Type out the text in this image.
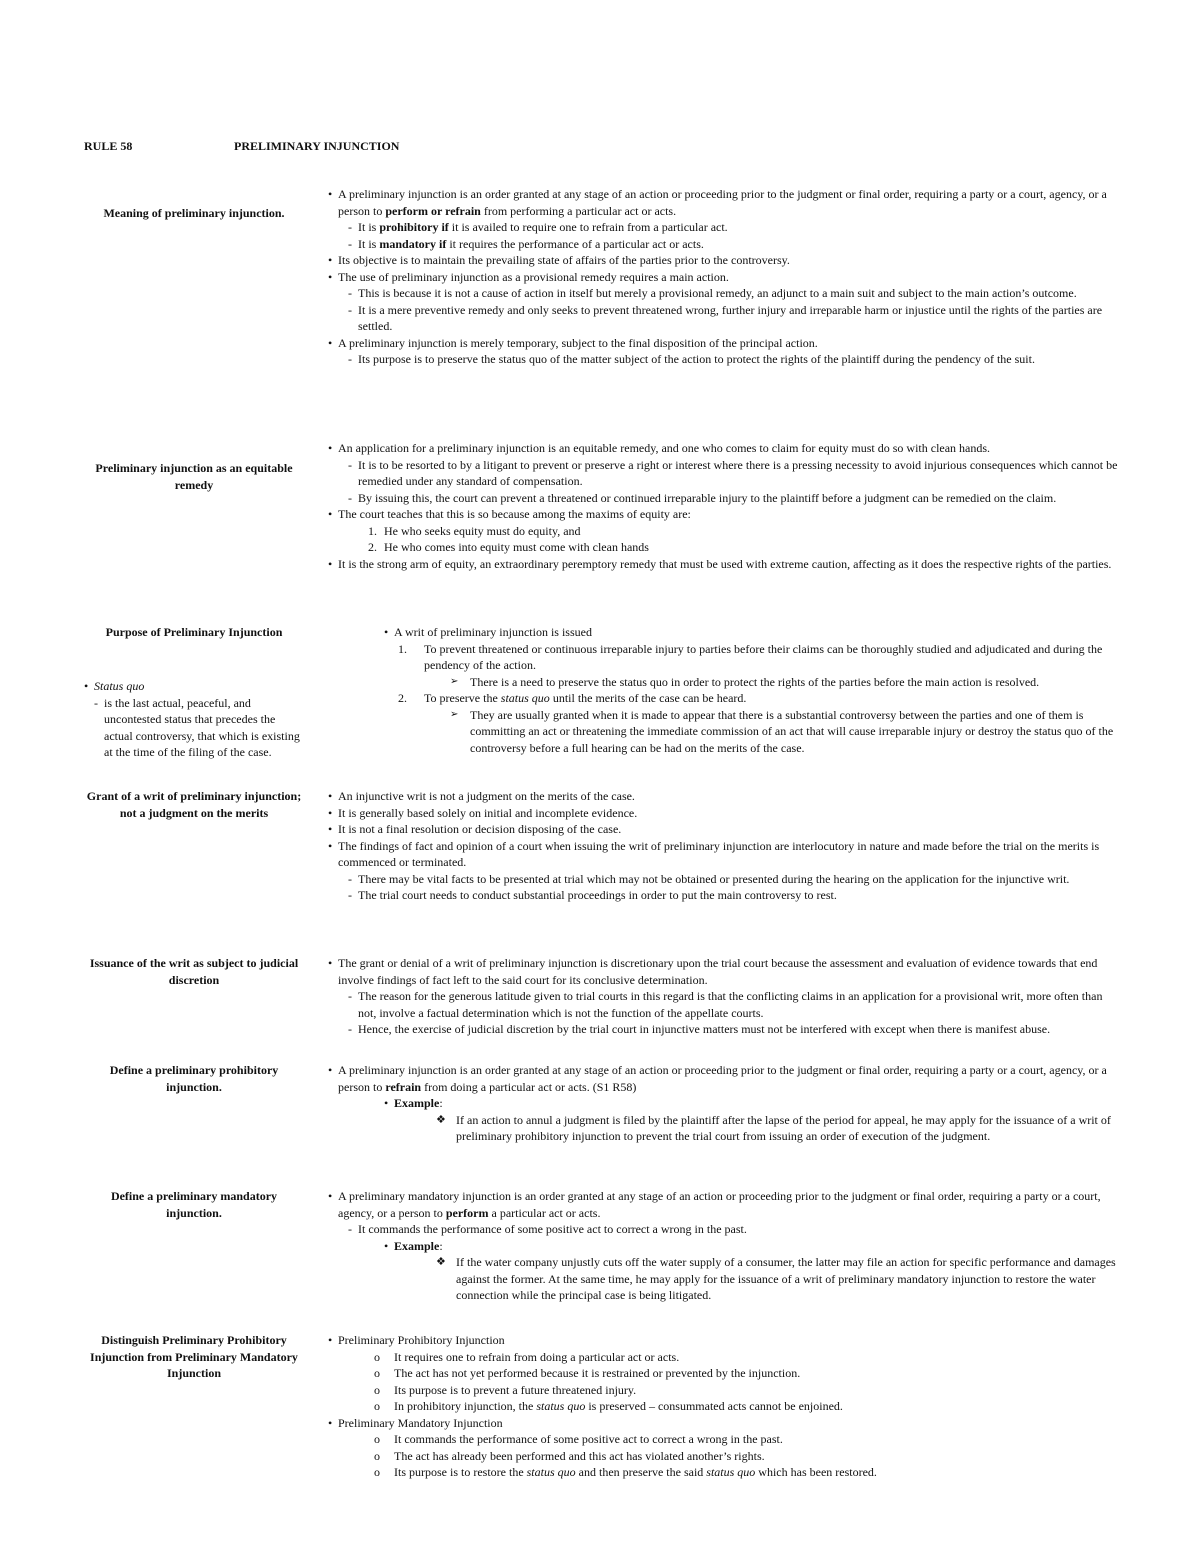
RULE 58	PRELIMINARY INJUNCTION
Meaning of preliminary injunction.
• A preliminary injunction is an order granted at any stage of an action or proceeding prior to the judgment or final order, requiring a party or a court, agency, or a person to perform or refrain from performing a particular act or acts.
- It is prohibitory if it is availed to require one to refrain from a particular act.
- It is mandatory if it requires the performance of a particular act or acts.
• Its objective is to maintain the prevailing state of affairs of the parties prior to the controversy.
• The use of preliminary injunction as a provisional remedy requires a main action.
- This is because it is not a cause of action in itself but merely a provisional remedy, an adjunct to a main suit and subject to the main action’s outcome.
- It is a mere preventive remedy and only seeks to prevent threatened wrong, further injury and irreparable harm or injustice until the rights of the parties are settled.
• A preliminary injunction is merely temporary, subject to the final disposition of the principal action.
- Its purpose is to preserve the status quo of the matter subject of the action to protect the rights of the plaintiff during the pendency of the suit.
Preliminary injunction as an equitable remedy
• An application for a preliminary injunction is an equitable remedy, and one who comes to claim for equity must do so with clean hands.
- It is to be resorted to by a litigant to prevent or preserve a right or interest where there is a pressing necessity to avoid injurious consequences which cannot be remedied under any standard of compensation.
- By issuing this, the court can prevent a threatened or continued irreparable injury to the plaintiff before a judgment can be remedied on the claim.
• The court teaches that this is so because among the maxims of equity are:
1. He who seeks equity must do equity, and
2. He who comes into equity must come with clean hands
• It is the strong arm of equity, an extraordinary peremptory remedy that must be used with extreme caution, affecting as it does the respective rights of the parties.
Purpose of Preliminary Injunction
• Status quo
- is the last actual, peaceful, and uncontested status that precedes the actual controversy, that which is existing at the time of the filing of the case.
• A writ of preliminary injunction is issued
1. To prevent threatened or continuous irreparable injury to parties before their claims can be thoroughly studied and adjudicated and during the pendency of the action.
➢ There is a need to preserve the status quo in order to protect the rights of the parties before the main action is resolved.
2. To preserve the status quo until the merits of the case can be heard.
➢ They are usually granted when it is made to appear that there is a substantial controversy between the parties and one of them is committing an act or threatening the immediate commission of an act that will cause irreparable injury or destroy the status quo of the controversy before a full hearing can be had on the merits of the case.
Grant of a writ of preliminary injunction; not a judgment on the merits
• An injunctive writ is not a judgment on the merits of the case.
• It is generally based solely on initial and incomplete evidence.
• It is not a final resolution or decision disposing of the case.
• The findings of fact and opinion of a court when issuing the writ of preliminary injunction are interlocutory in nature and made before the trial on the merits is commenced or terminated.
- There may be vital facts to be presented at trial which may not be obtained or presented during the hearing on the application for the injunctive writ.
- The trial court needs to conduct substantial proceedings in order to put the main controversy to rest.
Issuance of the writ as subject to judicial discretion
• The grant or denial of a writ of preliminary injunction is discretionary upon the trial court because the assessment and evaluation of evidence towards that end involve findings of fact left to the said court for its conclusive determination.
- The reason for the generous latitude given to trial courts in this regard is that the conflicting claims in an application for a provisional writ, more often than not, involve a factual determination which is not the function of the appellate courts.
- Hence, the exercise of judicial discretion by the trial court in injunctive matters must not be interfered with except when there is manifest abuse.
Define a preliminary prohibitory injunction.
• A preliminary injunction is an order granted at any stage of an action or proceeding prior to the judgment or final order, requiring a party or a court, agency, or a person to refrain from doing a particular act or acts. (S1 R58)
• Example:
❖ If an action to annul a judgment is filed by the plaintiff after the lapse of the period for appeal, he may apply for the issuance of a writ of preliminary prohibitory injunction to prevent the trial court from issuing an order of execution of the judgment.
Define a preliminary mandatory injunction.
• A preliminary mandatory injunction is an order granted at any stage of an action or proceeding prior to the judgment or final order, requiring a party or a court, agency, or a person to perform a particular act or acts.
- It commands the performance of some positive act to correct a wrong in the past.
• Example:
❖ If the water company unjustly cuts off the water supply of a consumer, the latter may file an action for specific performance and damages against the former. At the same time, he may apply for the issuance of a writ of preliminary mandatory injunction to restore the water connection while the principal case is being litigated.
Distinguish Preliminary Prohibitory Injunction from Preliminary Mandatory Injunction
• Preliminary Prohibitory Injunction
o It requires one to refrain from doing a particular act or acts.
o The act has not yet performed because it is restrained or prevented by the injunction.
o Its purpose is to prevent a future threatened injury.
o In prohibitory injunction, the status quo is preserved – consummated acts cannot be enjoined.
• Preliminary Mandatory Injunction
o It commands the performance of some positive act to correct a wrong in the past.
o The act has already been performed and this act has violated another’s rights.
o Its purpose is to restore the status quo and then preserve the said status quo which has been restored.
